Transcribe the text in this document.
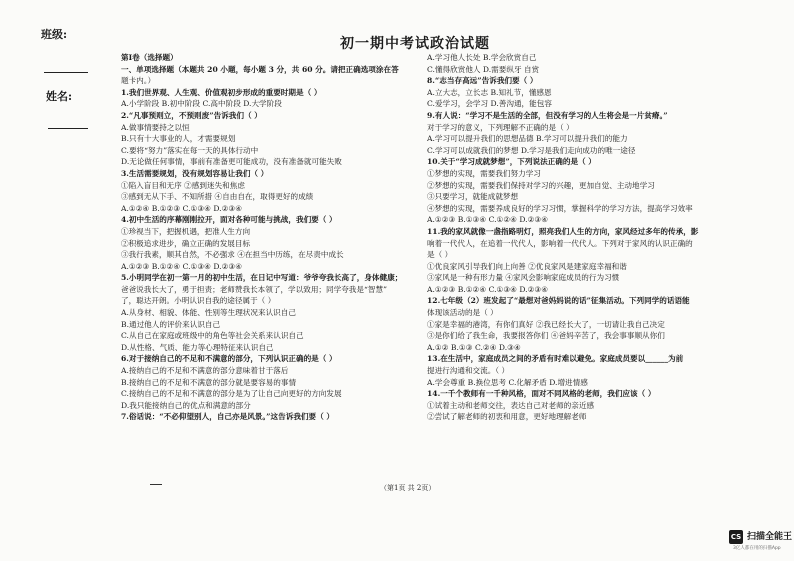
班级:
姓名:
初一期中考试政治试题
第Ⅰ卷（选择题）
一、单项选择题（本题共 20 小题，每小题 3 分，共 60 分。请把正确选项涂在答
题卡内。）
1.我们世界观、人生观、价值观初步形成的重要时期是（ ）
A.小学阶段 B.初中阶段 C.高中阶段 D.大学阶段
2.“凡事预则立，不预则废”告诉我们（ ）
A.做事情要持之以恒
B.只有十大事业的人，才需要规划
C.要将“努力”落实在每一天的具体行动中
D.无论做任何事情，事前有准备更可能成功，没有准备就可能失败
3.生活需要规划，没有规划容易让我们（ ）
①陷入盲目和无序 ②感到迷失和焦虑
③感到无从下手、不知所措 ④自由自在，取得更好的成绩
A.①②④ B.①②③ C.①③④ D.②③④
4.初中生活的序幕刚刚拉开，面对各种可能与挑战，我们要（ ）
①珍视当下，把握机遇，把准人生方向
②积极追求进步，确立正确的发展目标
③我行我素，顺其自然，不必强求 ④在担当中历练，在尽责中成长
A.①②③ B.①②④ C.①③④ D.②③④
5.小明同学在初一第一月的初中生活，在日记中写道：爷爷夸我长高了，身体健康；
爸爸说我长大了，勇于担责；老师赞我长本领了，学以致用；同学夸我是“智慧”
了，聪达开朗。小明认识自我的途径属于（ ）
A.从身材、相貌、体能、性别等生理状况来认识自己
B.通过他人的评价来认识自己
C.从自己在家庭或班级中的角色等社会关系来认识自己
D.从性格、气质、能力等心理特征来认识自己
6.对于接纳自己的不足和不满意的部分，下列认识正确的是（ ）
A.接纳自己的不足和不满意的部分意味着甘于落后
B.接纳自己的不足和不满意的部分就是要容易的事情
C.接纳自己的不足和不满意的部分是为了让自己向更好的方向发展
D.我只能接纳自己的优点和满意的部分
7.俗话说：“不必仰望别人，自己亦是风景。”这告诉我们要（ ）
A.学习他人长处 B.学会欣赏自己
C.懂得欣赏他人 D.需要纵牙 自赏
8.“志当存高远”告诉我们要（ ）
A.立大志，立长志 B.知礼节，懂感恩
C.爱学习，会学习 D.善沟通，能包容
9.有人说：“学习不是生活的全部，但没有学习的人生将会是一片贫瘠。”
对于学习的意义，下列理解不正确的是（ ）
A.学习可以提升我们的思想品德 B.学习可以提升我们的能力
C.学习可以成就我们的梦想 D.学习是我们走向成功的唯一途径
10.关于“学习成就梦想”，下列说法正确的是（ ）
①梦想的实现，需要我们努力学习
②梦想的实现，需要我们保持对学习的兴趣，更加自觉、主动地学习
③只要学习，就能成就梦想
④梦想的实现，需要养成良好的学习习惯，掌握科学的学习方法，提高学习效率
A.①②③ B.①③④ C.①②④ D.②③④
11.我的家风就像一盏指路明灯，照亮我们人生的方向，家风经过多年的传承，影
响着一代代人，在追着一代代人，影响着一代代人。下列对于家风的认识正确的
是（ ）
①优良家风引导我们向上向善 ②优良家风是建家庭幸福和谐
③家风是一种有形力量 ④家风会影响家庭成员的行为习惯
A.①②③ B.①②④ C.①③④ D.②③④
12.七年级（2）班发起了“最想对爸妈妈说的话”征集活动。下列同学的话语能
体现该活动的是（ ）
①家是幸福的港湾，有你们真好 ②我已经长大了，一切请让我自己决定
③是你们给了我生命，我要报答你们 ④爸妈辛苦了，我会事事顺从你们
A.①② B.①③ C.②④ D.③④
13.在生活中，家庭成员之间的矛盾有时难以避免。家庭成员要以______为前
提进行沟通和交流。（ ）
A.学会尊重 B.换位思考 C.化解矛盾 D.增进情感
14.一千个教师有一千种风格，面对不同风格的老师，我们应该（ ）
①试着主动和老师交往，表达自己对老师的亲近感
②尝试了解老师的初衷和用意，更好地理解老师
（第1页 共 2页）
CS 扫描全能王
3亿人都在用的扫描App
